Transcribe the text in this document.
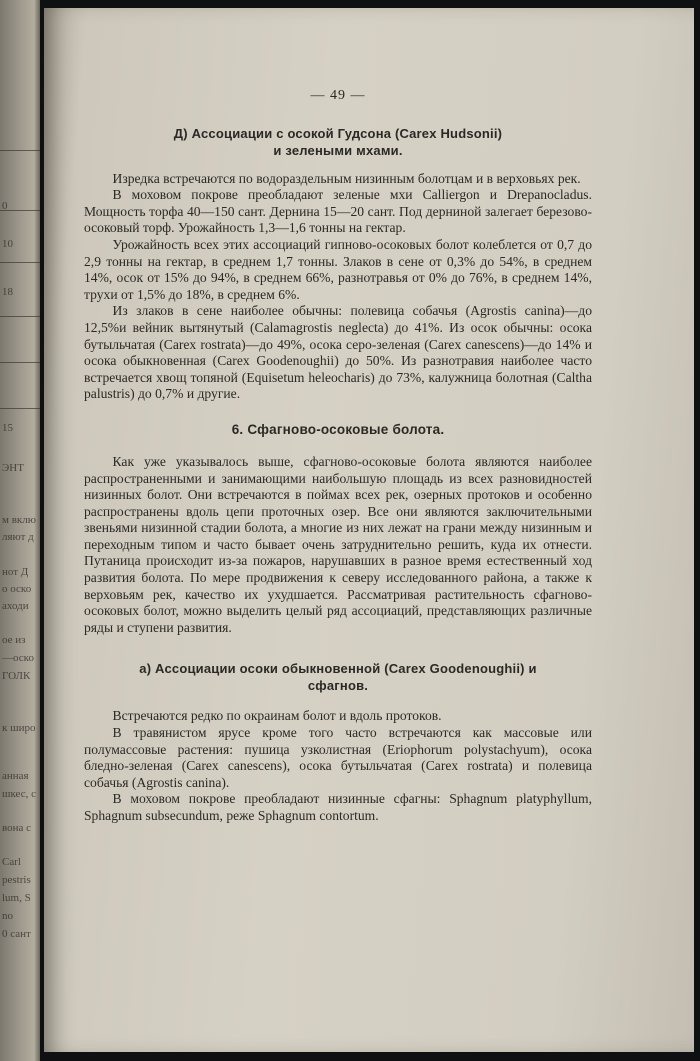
0
10
18
15
ЭНТ
м вклю
ляют д
нот Д
о оско
аходи
ое из
—оско
ГОЛК
к широ
анная
шкес, с
вона с
Carl
pestris
lum, S
no
0 сант
— 49 —
Д) Ассоциации с осокой Гудсона (Carex Hudsonii)
и зелеными мхами.

Изредка встречаются по водораздельным низинным болотцам и в верховьях рек.

В моховом покрове преобладают зеленые мхи Calliergon и Drepanocladus. Мощность торфа 40—150 сант. Дернина 15—20 сант. Под дерниной залегает березово-осоковый торф. Урожайность 1,3—1,6 тонны на гектар.

Урожайность всех этих ассоциаций гипново-осоковых болот колеблется от 0,7 до 2,9 тонны на гектар, в среднем 1,7 тонны. Злаков в сене от 0,3% до 54%, в среднем 14%, осок от 15% до 94%, в среднем 66%, разнотравья от 0% до 76%, в среднем 14%, трухи от 1,5% до 18%, в среднем 6%.

Из злаков в сене наиболее обычны: полевица собачья (Agrostis canina)—до 12,5%и вейник вытянутый (Calamagrostis neglecta) до 41%. Из осок обычны: осока бутыльчатая (Carex rostrata)—до 49%, осока серо-зеленая (Carex canescens)—до 14% и осока обыкновенная (Carex Goodenoughii) до 50%. Из разнотравия наиболее часто встречается хвощ топяной (Equisetum heleocharis) до 73%, калужница болотная (Caltha palustris) до 0,7% и другие.

6. Сфагново-осоковые болота.

Как уже указывалось выше, сфагново-осоковые болота являются наиболее распространенными и занимающими наибольшую площадь из всех разновидностей низинных болот. Они встречаются в поймах всех рек, озерных протоков и особенно распространены вдоль цепи проточных озер. Все они являются заключительными звеньями низинной стадии болота, а многие из них лежат на грани между низинным и переходным типом и часто бывает очень затруднительно решить, куда их отнести. Путаница происходит из-за пожаров, нарушавших в разное время естественный ход развития болота. По мере продвижения к северу исследованного района, а также к верховьям рек, качество их ухудшается. Рассматривая растительность сфагново-осоковых болот, можно выделить целый ряд ассоциаций, представляющих различные ряды и ступени развития.

а) Ассоциации осоки обыкновенной (Carex Goodenoughii) и
сфагнов.

Встречаются редко по окраинам болот и вдоль протоков.

В травянистом ярусе кроме того часто встречаются как массовые или полумассовые растения: пушица узколистная (Eriophorum polystachyum), осока бледно-зеленая (Carex canescens), осока бутыльчатая (Carex rostrata) и полевица собачья (Agrostis canina).

В моховом покрове преобладают низинные сфагны: Sphagnum platyphyllum, Sphagnum subsecundum, реже Sphagnum contortum.
